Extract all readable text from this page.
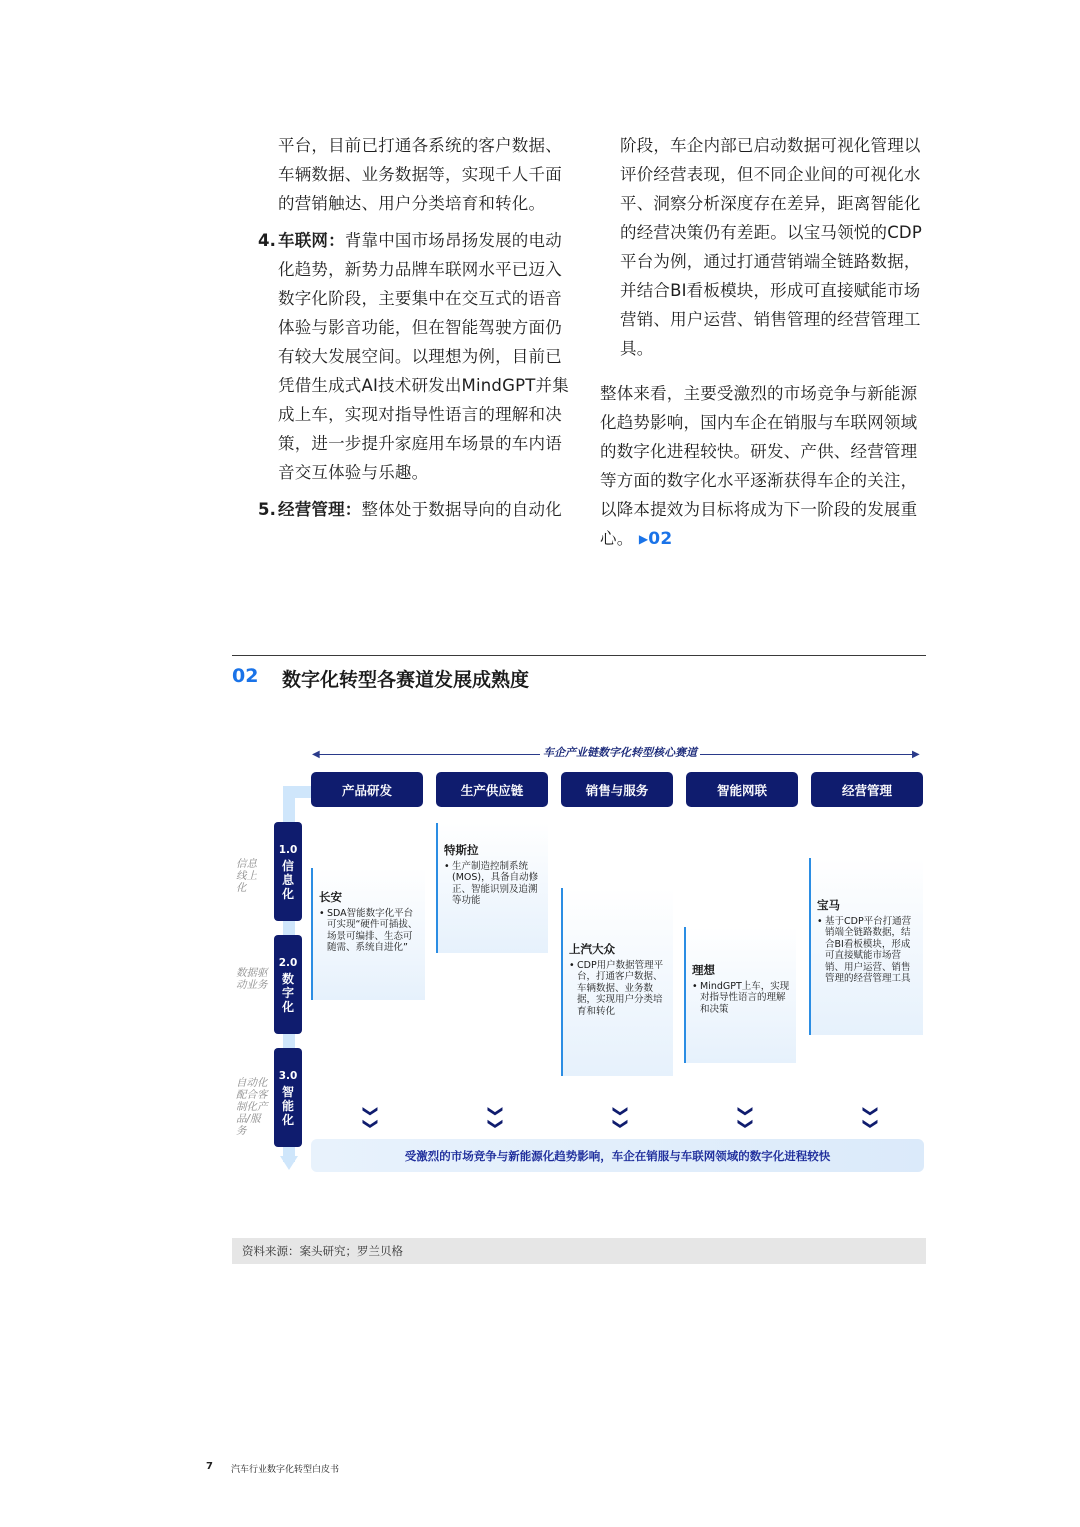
平台，目前已打通各系统的客户数据、车辆数据、业务数据等，实现千人千面的营销触达、用户分类培育和转化。

4. 车联网：背靠中国市场昂扬发展的电动化趋势，新势力品牌车联网水平已迈入数字化阶段，主要集中在交互式的语音体验与影音功能，但在智能驾驶方面仍有较大发展空间。以理想为例，目前已凭借生成式AI技术研发出MindGPT并集成上车，实现对指导性语言的理解和决策，进一步提升家庭用车场景的车内语音交互体验与乐趣。

5. 经营管理：整体处于数据导向的自动化

阶段，车企内部已启动数据可视化管理以评价经营表现，但不同企业间的可视化水平、洞察分析深度存在差异，距离智能化的经营决策仍有差距。以宝马领悦的CDP平台为例，通过打通营销端全链路数据，并结合BI看板模块，形成可直接赋能市场营销、用户运营、销售管理的经营管理工具。

整体来看，主要受激烈的市场竞争与新能源化趋势影响，国内车企在销服与车联网领域的数字化进程较快。研发、产供、经营管理等方面的数字化水平逐渐获得车企的关注，以降本提效为目标将成为下一阶段的发展重心。 ▶02

02 数字化转型各赛道发展成熟度
◀	▶
车企产业链数字化转型核心赛道
产品研发	生产供应链	销售与服务	智能网联	经营管理
1.0
信息化
2.0
数字化
3.0
智能化
信息线上化
数据驱动业务
自动化配合客制化产品/服务
长安
• SDA智能数字化平台可实现“硬件可插拔、场景可编排、生态可随需、系统自进化”
特斯拉
• 生产制造控制系统(MOS)，具备自动修正、智能识别及追溯等功能
上汽大众
• CDP用户数据管理平台，打通客户数据、车辆数据、业务数据，实现用户分类培育和转化
理想
• MindGPT上车，实现对指导性语言的理解和决策
宝马
• 基于CDP平台打通营销端全链路数据，结合BI看板模块，形成可直接赋能市场营销、用户运营、销售管理的经营管理工具
❯❯	❯❯	❯❯	❯❯	❯❯
受激烈的市场竞争与新能源化趋势影响，车企在销服与车联网领域的数字化进程较快
资料来源：案头研究；罗兰贝格
7 汽车行业数字化转型白皮书
